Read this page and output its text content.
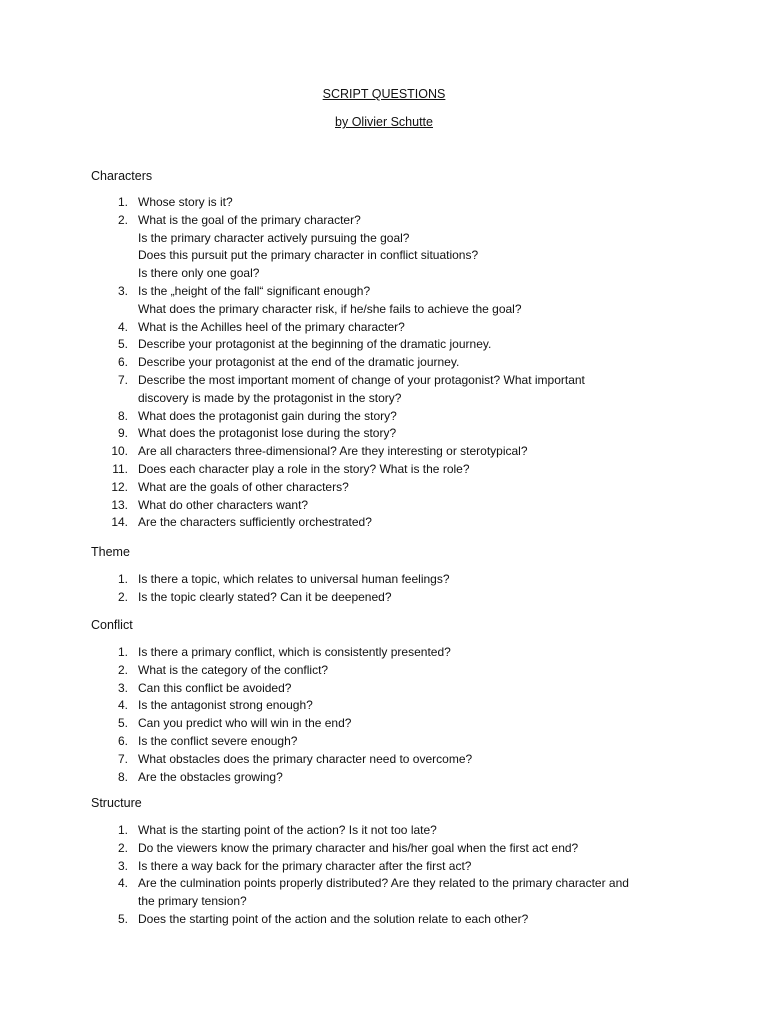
SCRIPT QUESTIONS
by Olivier Schutte
Characters
1. Whose story is it?
2. What is the goal of the primary character?
Is the primary character actively pursuing the goal?
Does this pursuit put the primary character in conflict situations?
Is there only one goal?
3. Is the „height of the fall“ significant enough?
What does the primary character risk, if he/she fails to achieve the goal?
4. What is the Achilles heel of the primary character?
5. Describe your protagonist at the beginning of the dramatic journey.
6. Describe your protagonist at the end of the dramatic journey.
7. Describe the most important moment of change of your protagonist? What important
discovery is made by the protagonist in the story?
8. What does the protagonist gain during the story?
9. What does the protagonist lose during the story?
10. Are all characters three-dimensional? Are they interesting or sterotypical?
11. Does each character play a role in the story? What is the role?
12. What are the goals of other characters?
13. What do other characters want?
14. Are the characters sufficiently orchestrated?
Theme
1. Is there a topic, which relates to universal human feelings?
2. Is the topic clearly stated? Can it be deepened?
Conflict
1. Is there a primary conflict, which is consistently presented?
2. What is the category of the conflict?
3. Can this conflict be avoided?
4. Is the antagonist strong enough?
5. Can you predict who will win in the end?
6. Is the conflict severe enough?
7. What obstacles does the primary character need to overcome?
8. Are the obstacles growing?
Structure
1. What is the starting point of the action? Is it not too late?
2. Do the viewers know the primary character and his/her goal when the first act end?
3. Is there a way back for the primary character after the first act?
4. Are the culmination points properly distributed? Are they related to the primary character and
the primary tension?
5. Does the starting point of the action and the solution relate to each other?
